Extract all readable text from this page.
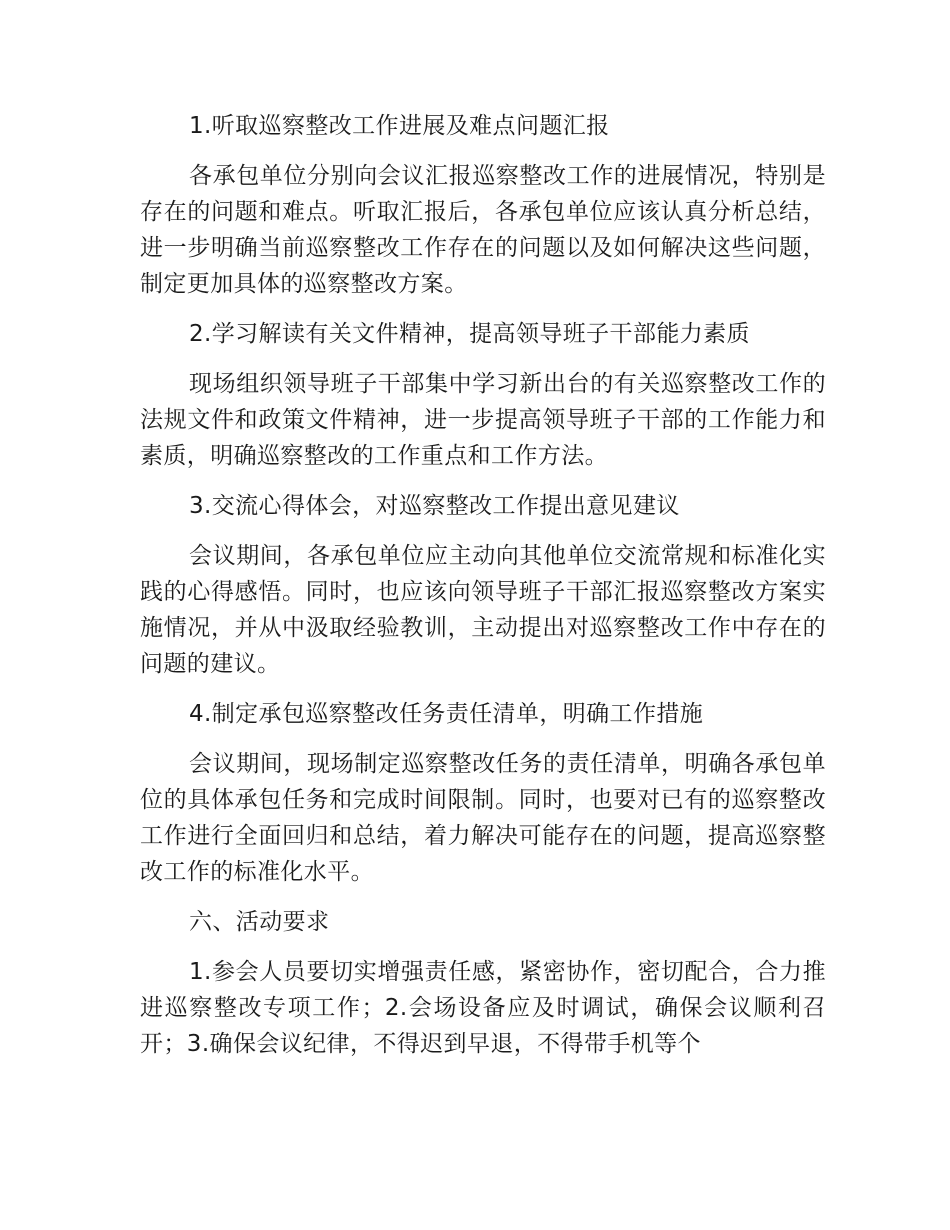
1.听取巡察整改工作进展及难点问题汇报

各承包单位分别向会议汇报巡察整改工作的进展情况，特别是存在的问题和难点。听取汇报后，各承包单位应该认真分析总结，进一步明确当前巡察整改工作存在的问题以及如何解决这些问题，制定更加具体的巡察整改方案。

2.学习解读有关文件精神，提高领导班子干部能力素质

现场组织领导班子干部集中学习新出台的有关巡察整改工作的法规文件和政策文件精神，进一步提高领导班子干部的工作能力和素质，明确巡察整改的工作重点和工作方法。

3.交流心得体会，对巡察整改工作提出意见建议

会议期间，各承包单位应主动向其他单位交流常规和标准化实践的心得感悟。同时，也应该向领导班子干部汇报巡察整改方案实施情况，并从中汲取经验教训，主动提出对巡察整改工作中存在的问题的建议。

4.制定承包巡察整改任务责任清单，明确工作措施

会议期间，现场制定巡察整改任务的责任清单，明确各承包单位的具体承包任务和完成时间限制。同时，也要对已有的巡察整改工作进行全面回归和总结，着力解决可能存在的问题，提高巡察整改工作的标准化水平。

六、活动要求

1.参会人员要切实增强责任感，紧密协作，密切配合，合力推进巡察整改专项工作；2.会场设备应及时调试，确保会议顺利召开；3.确保会议纪律，不得迟到早退，不得带手机等个
